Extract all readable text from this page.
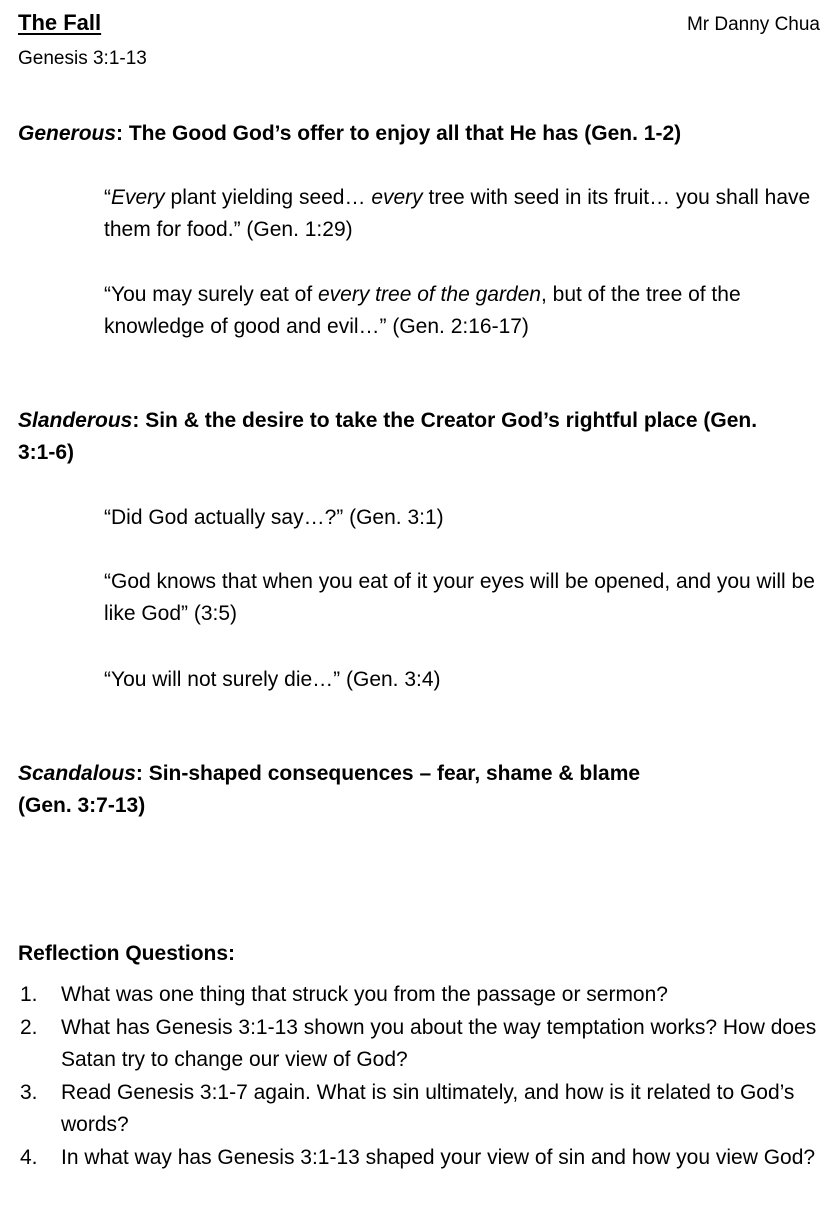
The Fall	Mr Danny Chua
Genesis 3:1-13
Generous: The Good God’s offer to enjoy all that He has (Gen. 1-2)

“Every plant yielding seed… every tree with seed in its fruit… you shall have them for food.” (Gen. 1:29)

“You may surely eat of every tree of the garden, but of the tree of the knowledge of good and evil…” (Gen. 2:16-17)

Slanderous: Sin & the desire to take the Creator God’s rightful place (Gen. 3:1-6)

“Did God actually say…?” (Gen. 3:1)

“God knows that when you eat of it your eyes will be opened, and you will be like God” (3:5)

“You will not surely die…” (Gen. 3:4)

Scandalous: Sin-shaped consequences – fear, shame & blame
(Gen. 3:7-13)
Reflection Questions:
1. What was one thing that struck you from the passage or sermon?
2. What has Genesis 3:1-13 shown you about the way temptation works? How does Satan try to change our view of God?
3. Read Genesis 3:1-7 again. What is sin ultimately, and how is it related to God’s words?
4. In what way has Genesis 3:1-13 shaped your view of sin and how you view God?
